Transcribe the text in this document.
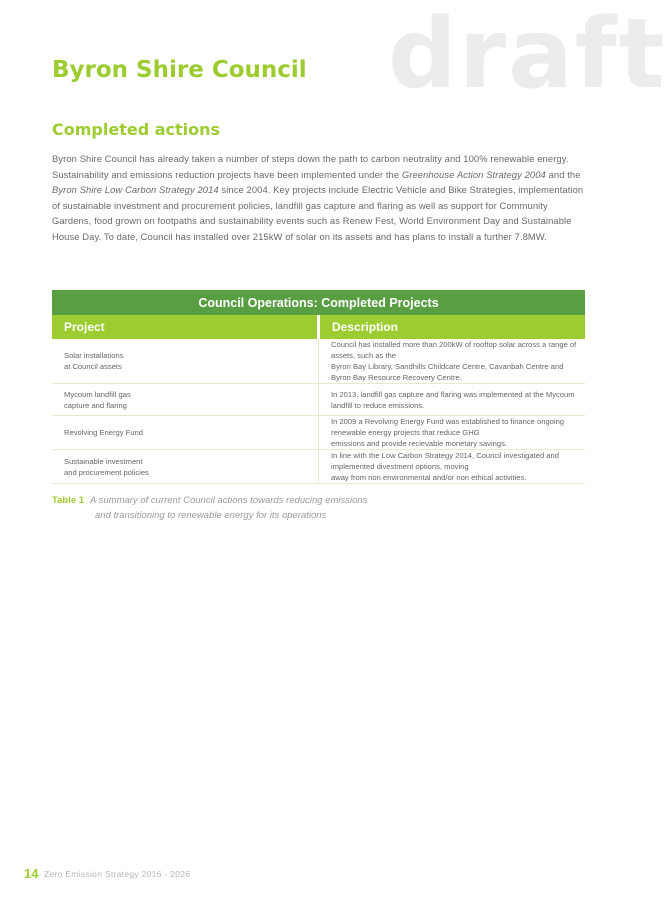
draft
Byron Shire Council
Completed actions

Byron Shire Council has already taken a number of steps down the path to carbon neutrality and 100% renewable energy. Sustainability and emissions reduction projects have been implemented under the Greenhouse Action Strategy 2004 and the Byron Shire Low Carbon Strategy 2014 since 2004. Key projects include Electric Vehicle and Bike Strategies, implementation of sustainable investment and procurement policies, landfill gas capture and flaring as well as support for Community Gardens, food grown on footpaths and sustainability events such as Renew Fest, World Environment Day and Sustainable House Day. To date, Council has installed over 215kW of solar on its assets and has plans to install a further 7.8MW.

Council Operations: Completed Projects	
Project	Description
Solar installations
at Council assets	Council has installed more than 200kW of rooftop solar across a range of assets, such as the
Byron Bay Library, Sandhills Childcare Centre, Cavanbah Centre and Byron Bay Resource Recovery Centre.
Mycoum landfill gas
capture and flaring	In 2013, landfill gas capture and flaring was implemented at the Mycoum landfill to reduce emissions.
Revolving Energy Fund	In 2009 a Revolving Energy Fund was established to finance ongoing renewable energy projects that reduce GHG
emissions and provide recievable monetary savings.
Sustainable investment
and procurement policies	In line with the Low Carbon Strategy 2014, Council investigated and implemented divestment options, moving
away from non environmental and/or non ethical activities.
Table 1 A summary of current Council actions towards reducing emissions
and transitioning to renewable energy for its operations
14 Zero Emission Strategy 2016 - 2026
